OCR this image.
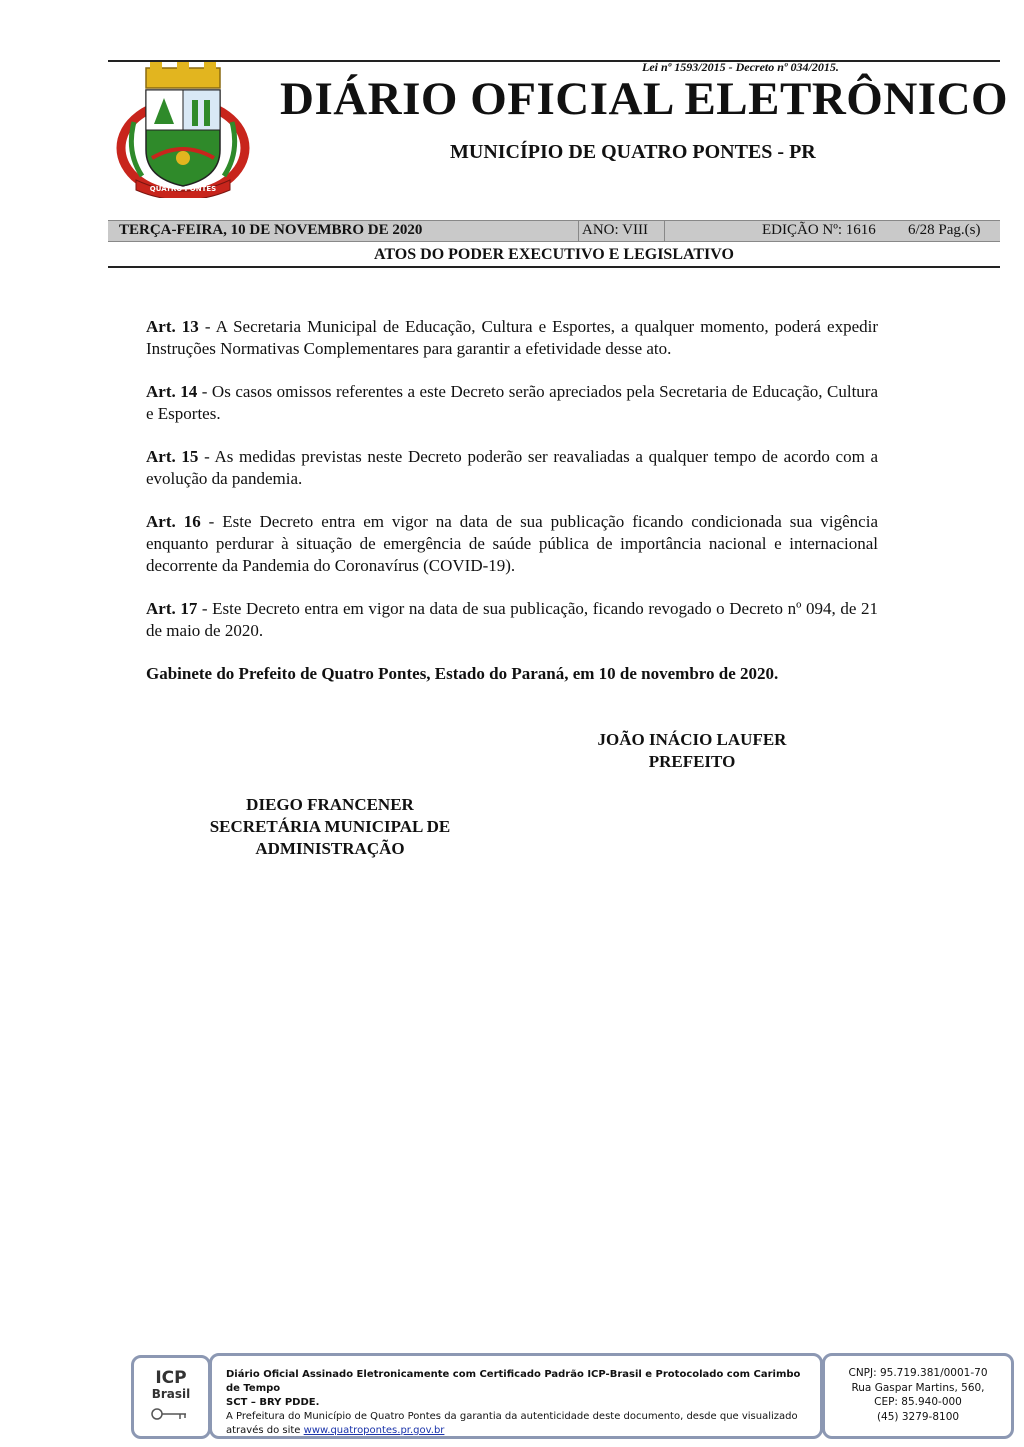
Lei nº 1593/2015 - Decreto nº 034/2015.
QUATRO PONTES
DIÁRIO OFICIAL ELETRÔNICO
MUNICÍPIO DE QUATRO PONTES - PR
TERÇA-FEIRA, 10 DE NOVEMBRO DE 2020	ANO: VIII	EDIÇÃO Nº: 1616 6/28 Pag.(s)
ATOS DO PODER EXECUTIVO E LEGISLATIVO
Art. 13 - A Secretaria Municipal de Educação, Cultura e Esportes, a qualquer momento, poderá expedir Instruções Normativas Complementares para garantir a efetividade desse ato.
Art. 14 - Os casos omissos referentes a este Decreto serão apreciados pela Secretaria de Educação, Cultura e Esportes.
Art. 15 - As medidas previstas neste Decreto poderão ser reavaliadas a qualquer tempo de acordo com a evolução da pandemia.
Art. 16 - Este Decreto entra em vigor na data de sua publicação ficando condicionada sua vigência enquanto perdurar à situação de emergência de saúde pública de importância nacional e internacional decorrente da Pandemia do Coronavírus (COVID-19).
Art. 17 - Este Decreto entra em vigor na data de sua publicação, ficando revogado o Decreto nº 094, de 21 de maio de 2020.
Gabinete do Prefeito de Quatro Pontes, Estado do Paraná, em 10 de novembro de 2020.
JOÃO INÁCIO LAUFER
PREFEITO
DIEGO FRANCENER
SECRETÁRIA MUNICIPAL DE
ADMINISTRAÇÃO
ICP
Brasil
Diário Oficial Assinado Eletronicamente com Certificado Padrão ICP-Brasil e Protocolado com Carimbo de Tempo
SCT – BRY PDDE.
A Prefeitura do Município de Quatro Pontes da garantia da autenticidade deste documento, desde que visualizado
através do site www.quatropontes.pr.gov.br
CNPJ: 95.719.381/0001-70
Rua Gaspar Martins, 560,
CEP: 85.940-000
(45) 3279-8100
